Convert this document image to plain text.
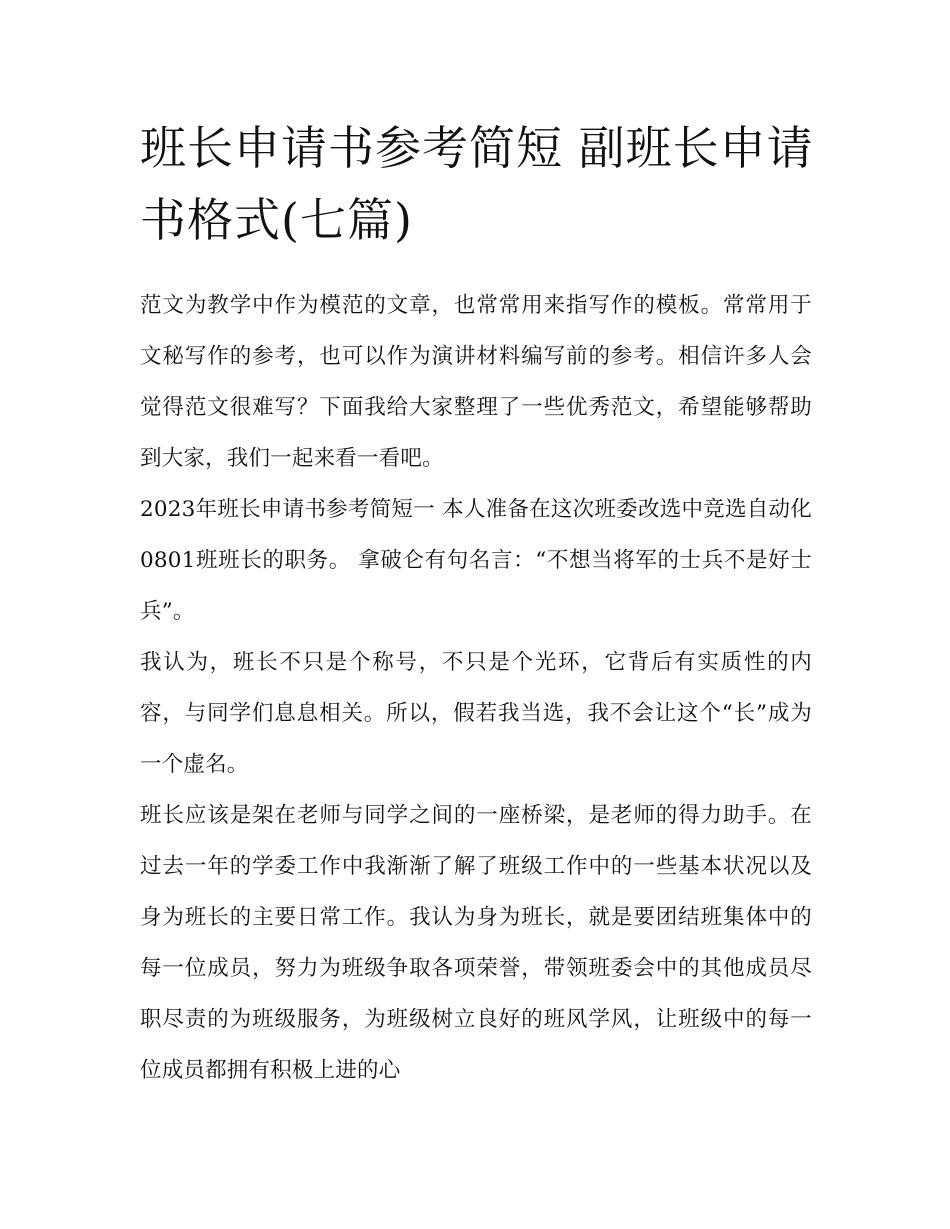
班长申请书参考简短 副班长申请书格式(七篇)

范文为教学中作为模范的文章，也常常用来指写作的模板。常常用于文秘写作的参考，也可以作为演讲材料编写前的参考。相信许多人会觉得范文很难写？下面我给大家整理了一些优秀范文，希望能够帮助到大家，我们一起来看一看吧。

2023年班长申请书参考简短一 本人准备在这次班委改选中竞选自动化0801班班长的职务。 拿破仑有句名言：“不想当将军的士兵不是好士兵”。

我认为，班长不只是个称号，不只是个光环，它背后有实质性的内容，与同学们息息相关。所以，假若我当选，我不会让这个“长”成为一个虚名。

班长应该是架在老师与同学之间的一座桥梁，是老师的得力助手。在过去一年的学委工作中我渐渐了解了班级工作中的一些基本状况以及身为班长的主要日常工作。我认为身为班长，就是要团结班集体中的每一位成员，努力为班级争取各项荣誉，带领班委会中的其他成员尽职尽责的为班级服务，为班级树立良好的班风学风，让班级中的每一位成员都拥有积极上进的心
